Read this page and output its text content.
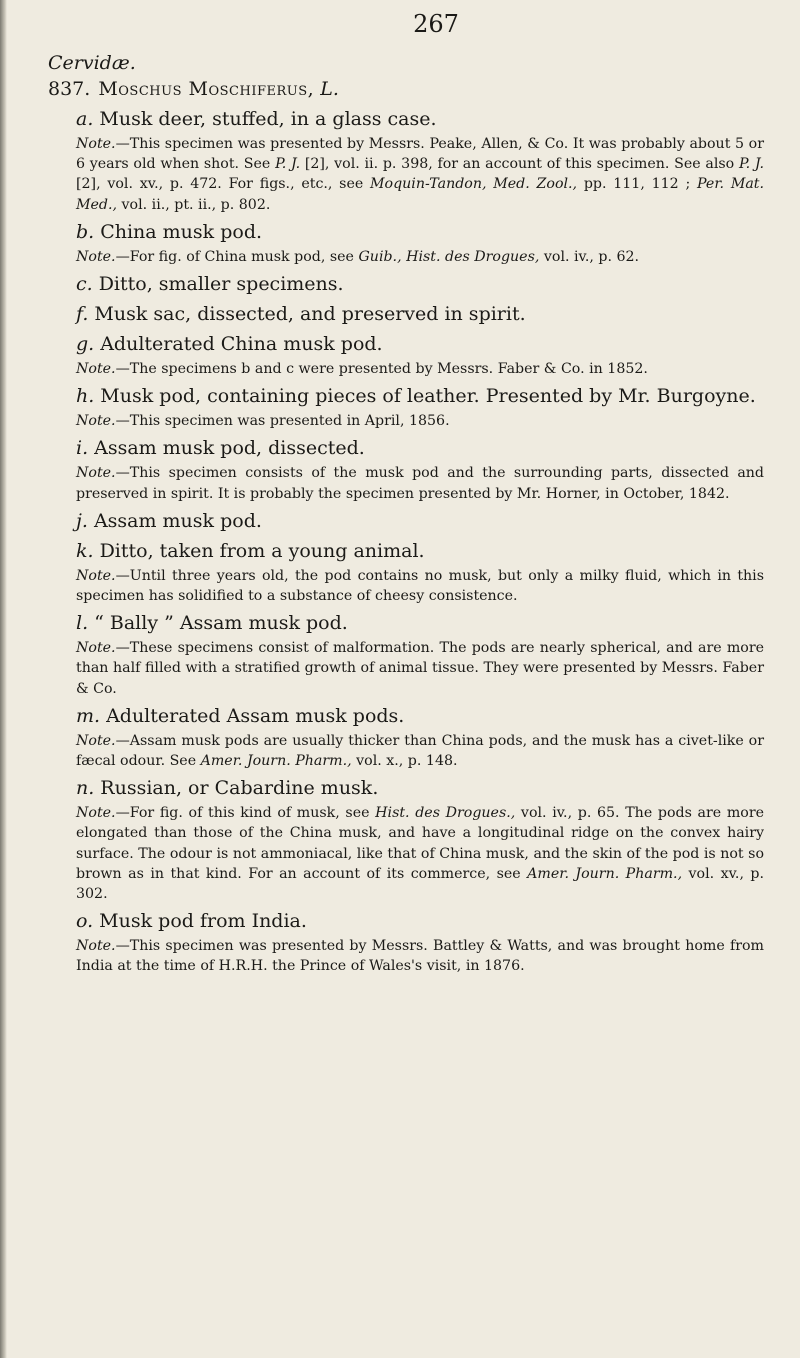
267
Cervidæ.
837. Moschus Moschiferus, L.
a. Musk deer, stuffed, in a glass case.
Note.—This specimen was presented by Messrs. Peake, Allen, & Co. It was probably about 5 or 6 years old when shot. See P. J. [2], vol. ii. p. 398, for an account of this specimen. See also P. J. [2], vol. xv., p. 472. For figs., etc., see Moquin-Tandon, Med. Zool., pp. 111, 112 ; Per. Mat. Med., vol. ii., pt. ii., p. 802.
b. China musk pod.
Note.—For fig. of China musk pod, see Guib., Hist. des Drogues, vol. iv., p. 62.
c. Ditto, smaller specimens.
f. Musk sac, dissected, and preserved in spirit.
g. Adulterated China musk pod.
Note.—The specimens b and c were presented by Messrs. Faber & Co. in 1852.
h. Musk pod, containing pieces of leather. Presented by Mr. Burgoyne.
Note.—This specimen was presented in April, 1856.
i. Assam musk pod, dissected.
Note.—This specimen consists of the musk pod and the surrounding parts, dissected and preserved in spirit. It is probably the specimen presented by Mr. Horner, in October, 1842.
j. Assam musk pod.
k. Ditto, taken from a young animal.
Note.—Until three years old, the pod contains no musk, but only a milky fluid, which in this specimen has solidified to a substance of cheesy consistence.
l. “ Bally ” Assam musk pod.
Note.—These specimens consist of malformation. The pods are nearly spherical, and are more than half filled with a stratified growth of animal tissue. They were presented by Messrs. Faber & Co.
m. Adulterated Assam musk pods.
Note.—Assam musk pods are usually thicker than China pods, and the musk has a civet-like or fæcal odour. See Amer. Journ. Pharm., vol. x., p. 148.
n. Russian, or Cabardine musk.
Note.—For fig. of this kind of musk, see Hist. des Drogues., vol. iv., p. 65. The pods are more elongated than those of the China musk, and have a longitudinal ridge on the convex hairy surface. The odour is not ammoniacal, like that of China musk, and the skin of the pod is not so brown as in that kind. For an account of its commerce, see Amer. Journ. Pharm., vol. xv., p. 302.
o. Musk pod from India.
Note.—This specimen was presented by Messrs. Battley & Watts, and was brought home from India at the time of H.R.H. the Prince of Wales's visit, in 1876.
